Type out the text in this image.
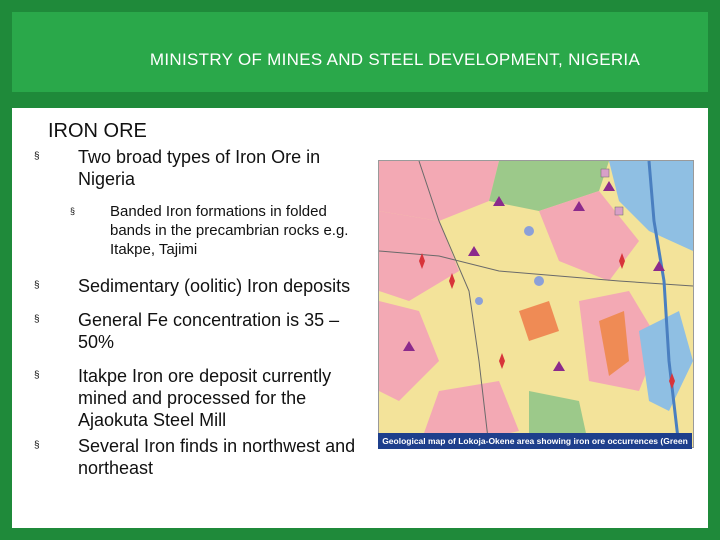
MINISTRY OF MINES AND STEEL DEVELOPMENT, NIGERIA
IRON ORE
§ Two broad types of Iron Ore in Nigeria
§ Banded Iron formations in folded bands in the precambrian rocks e.g. Itakpe, Tajimi
§ Sedimentary (oolitic) Iron deposits
§ General Fe concentration is 35 – 50%
§ Itakpe Iron ore deposit currently mined and processed for the Ajaokuta Steel Mill
§ Several Iron finds in northwest and northeast
Geological map of Lokoja-Okene area showing iron ore occurrences (Green triangle )
